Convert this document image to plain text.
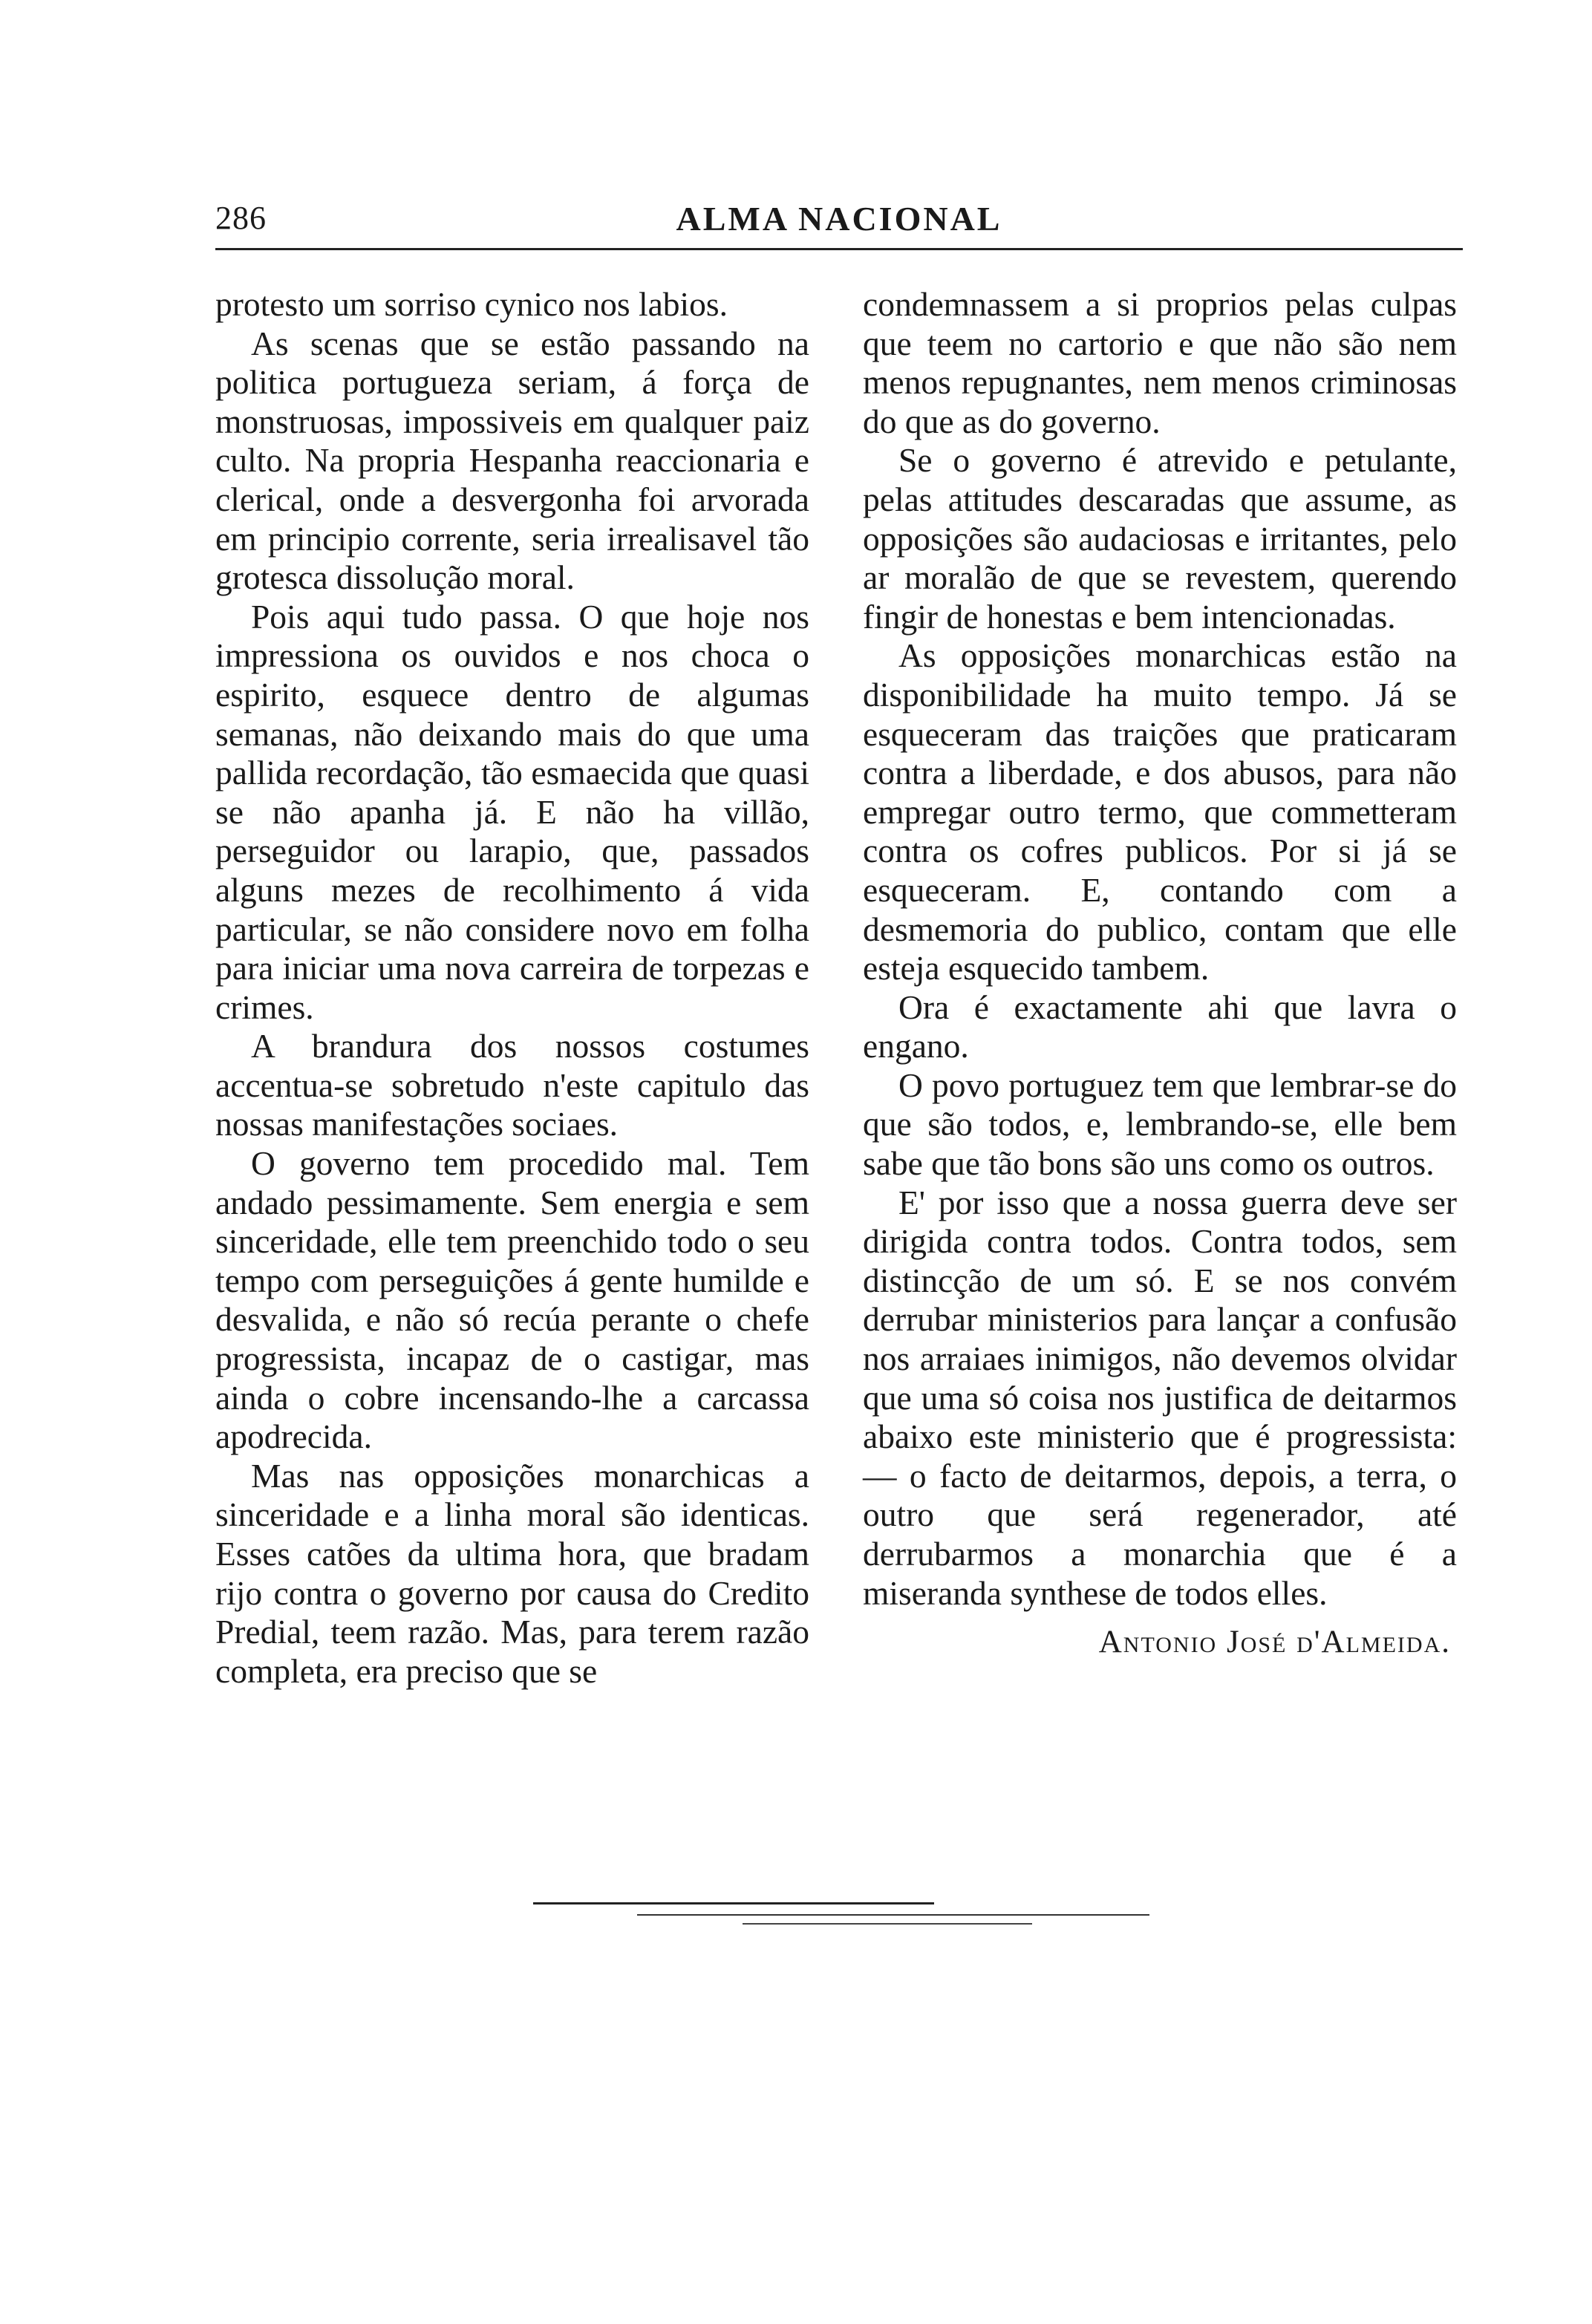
286	ALMA NACIONAL

protesto um sorriso cynico nos labios.

As scenas que se estão passando na politica portugueza seriam, á força de monstruosas, impossiveis em qualquer paiz culto. Na propria Hespanha reaccionaria e clerical, onde a desvergonha foi arvorada em principio corrente, seria irrealisavel tão grotesca dissolução moral.

Pois aqui tudo passa. O que hoje nos impressiona os ouvidos e nos choca o espirito, esquece dentro de algumas semanas, não deixando mais do que uma pallida recordação, tão esmaecida que quasi se não apanha já. E não ha villão, perseguidor ou larapio, que, passados alguns mezes de recolhimento á vida particular, se não considere novo em folha para iniciar uma nova carreira de torpezas e crimes.

A brandura dos nossos costumes accentua-se sobretudo n'este capitulo das nossas manifestações sociaes.

O governo tem procedido mal. Tem andado pessimamente. Sem energia e sem sinceridade, elle tem preenchido todo o seu tempo com perseguições á gente humilde e desvalida, e não só recúa perante o chefe progressista, incapaz de o castigar, mas ainda o cobre incensando-lhe a carcassa apodrecida.

Mas nas opposições monarchicas a sinceridade e a linha moral são identicas. Esses catões da ultima hora, que bradam rijo contra o governo por causa do Credito Predial, teem razão. Mas, para terem razão completa, era preciso que se

condemnassem a si proprios pelas culpas que teem no cartorio e que não são nem menos repugnantes, nem menos criminosas do que as do governo.

Se o governo é atrevido e petulante, pelas attitudes descaradas que assume, as opposições são audaciosas e irritantes, pelo ar moralão de que se revestem, querendo fingir de honestas e bem intencionadas.

As opposições monarchicas estão na disponibilidade ha muito tempo. Já se esqueceram das traições que praticaram contra a liberdade, e dos abusos, para não empregar outro termo, que commetteram contra os cofres publicos. Por si já se esqueceram. E, contando com a desmemoria do publico, contam que elle esteja esquecido tambem.

Ora é exactamente ahi que lavra o engano.

O povo portuguez tem que lembrar-se do que são todos, e, lembrando-se, elle bem sabe que tão bons são uns como os outros.

E' por isso que a nossa guerra deve ser dirigida contra todos. Contra todos, sem distincção de um só. E se nos convém derrubar ministerios para lançar a confusão nos arraiaes inimigos, não devemos olvidar que uma só coisa nos justifica de deitarmos abaixo este ministerio que é progressista: — o facto de deitarmos, depois, a terra, o outro que será regenerador, até derrubarmos a monarchia que é a miseranda synthese de todos elles.

Antonio José d'Almeida.
